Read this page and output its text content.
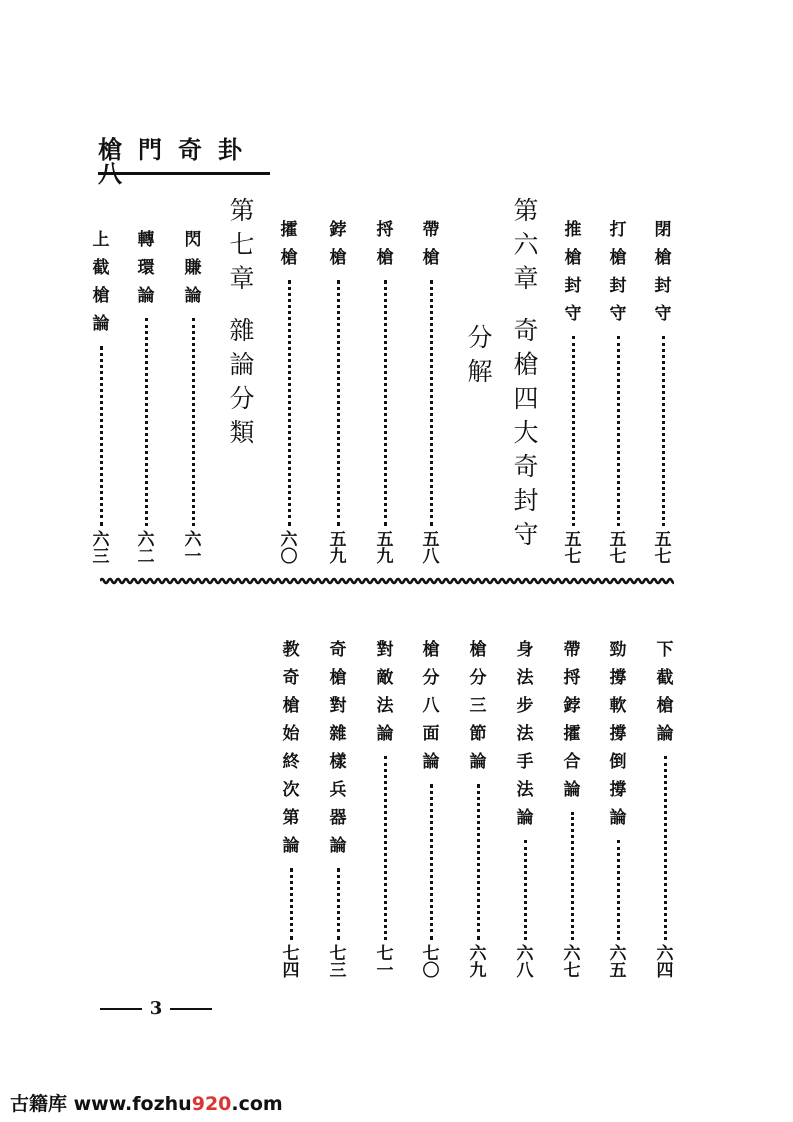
槍門奇卦八
閉
槍
封
守
五
七
打
槍
封
守
五
七
推
槍
封
守
五
七
第
六
章
奇
槍
四
大
奇
封
守
分
解
帶
槍
五
八
捋
槍
五
九
鋍
槍
五
九
攉
槍
六
〇
第
七
章
雜
論
分
類
閃
賺
論
六
一
轉
環
論
六
二
上
截
槍
論
六
三
下
截
槍
論
六
四
勁
撐
軟
撐
倒
撐
論
六
五
帶
捋
鋍
攉
合
論
六
七
身
法
步
法
手
法
論
六
八
槍
分
三
節
論
六
九
槍
分
八
面
論
七
〇
對
敵
法
論
七
一
奇
槍
對
雜
樣
兵
器
論
七
三
教
奇
槍
始
終
次
第
論
七
四
3
古籍库 www.fozhu920.com
